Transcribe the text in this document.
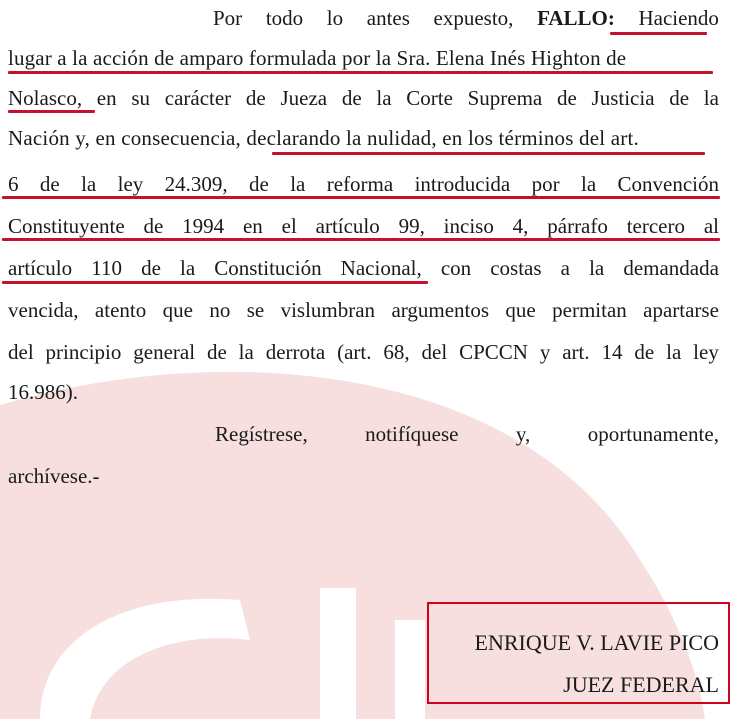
Por todo lo antes expuesto, FALLO: Haciendo
lugar a la acción de amparo formulada por la Sra. Elena Inés Highton de
Nolasco, en su carácter de Jueza de la Corte Suprema de Justicia de la
Nación y, en consecuencia, declarando la nulidad, en los términos del art.
6 de la ley 24.309, de la reforma introducida por la Convención
Constituyente de 1994 en el artículo 99, inciso 4, párrafo tercero al
artículo 110 de la Constitución Nacional, con costas a la demandada
vencida, atento que no se vislumbran argumentos que permitan apartarse
del principio general de la derrota (art. 68, del CPCCN y art. 14 de la ley
16.986).
Regístrese,	notifíquese	y,	oportunamente,
archívese.-
ENRIQUE V. LAVIE PICO
JUEZ FEDERAL
